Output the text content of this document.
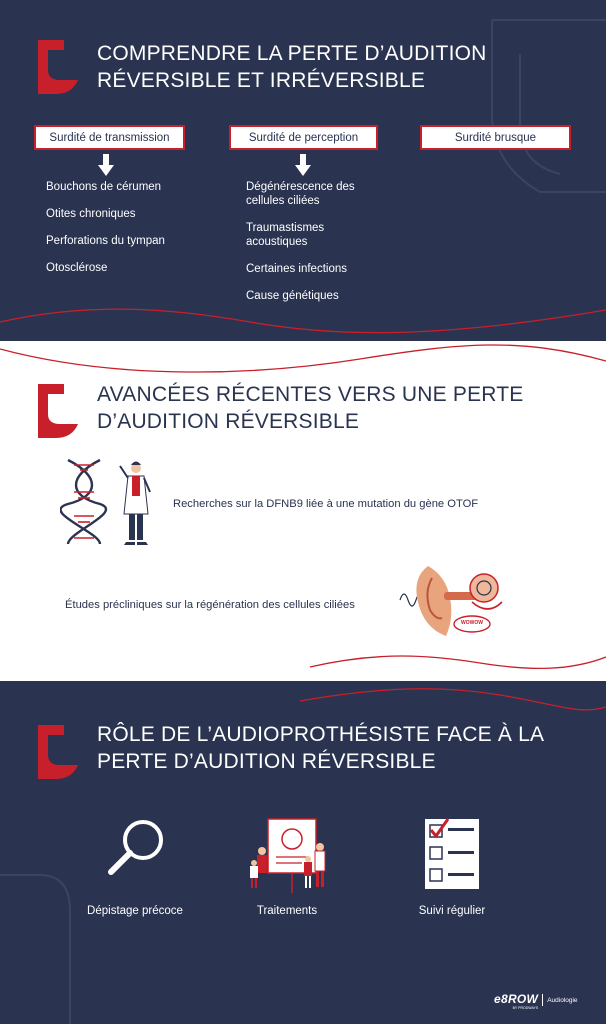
COMPRENDRE LA PERTE D’AUDITION
RÉVERSIBLE ET IRRÉVERSIBLE
Surdité de transmission	Surdité de perception	Surdité brusque
Bouchons de cérumen
Otites chroniques
Perforations du tympan
Otosclérose
Dégénérescence des cellules ciliées
Traumastismes acoustiques
Certaines infections
Cause génétiques
AVANCÉES RÉCENTES VERS UNE PERTE
D’AUDITION RÉVERSIBLE
Recherches sur la DFNB9 liée à une mutation du gène OTOF
Études précliniques sur la régénération des cellules ciliées
WOWOW
RÔLE DE L’AUDIOPROTHÉSISTE FACE À LA
PERTE D’AUDITION RÉVERSIBLE
Dépistage précoce	Traitements	Suivi régulier
e8ROW
BY PRODWAYS
Audiologie
